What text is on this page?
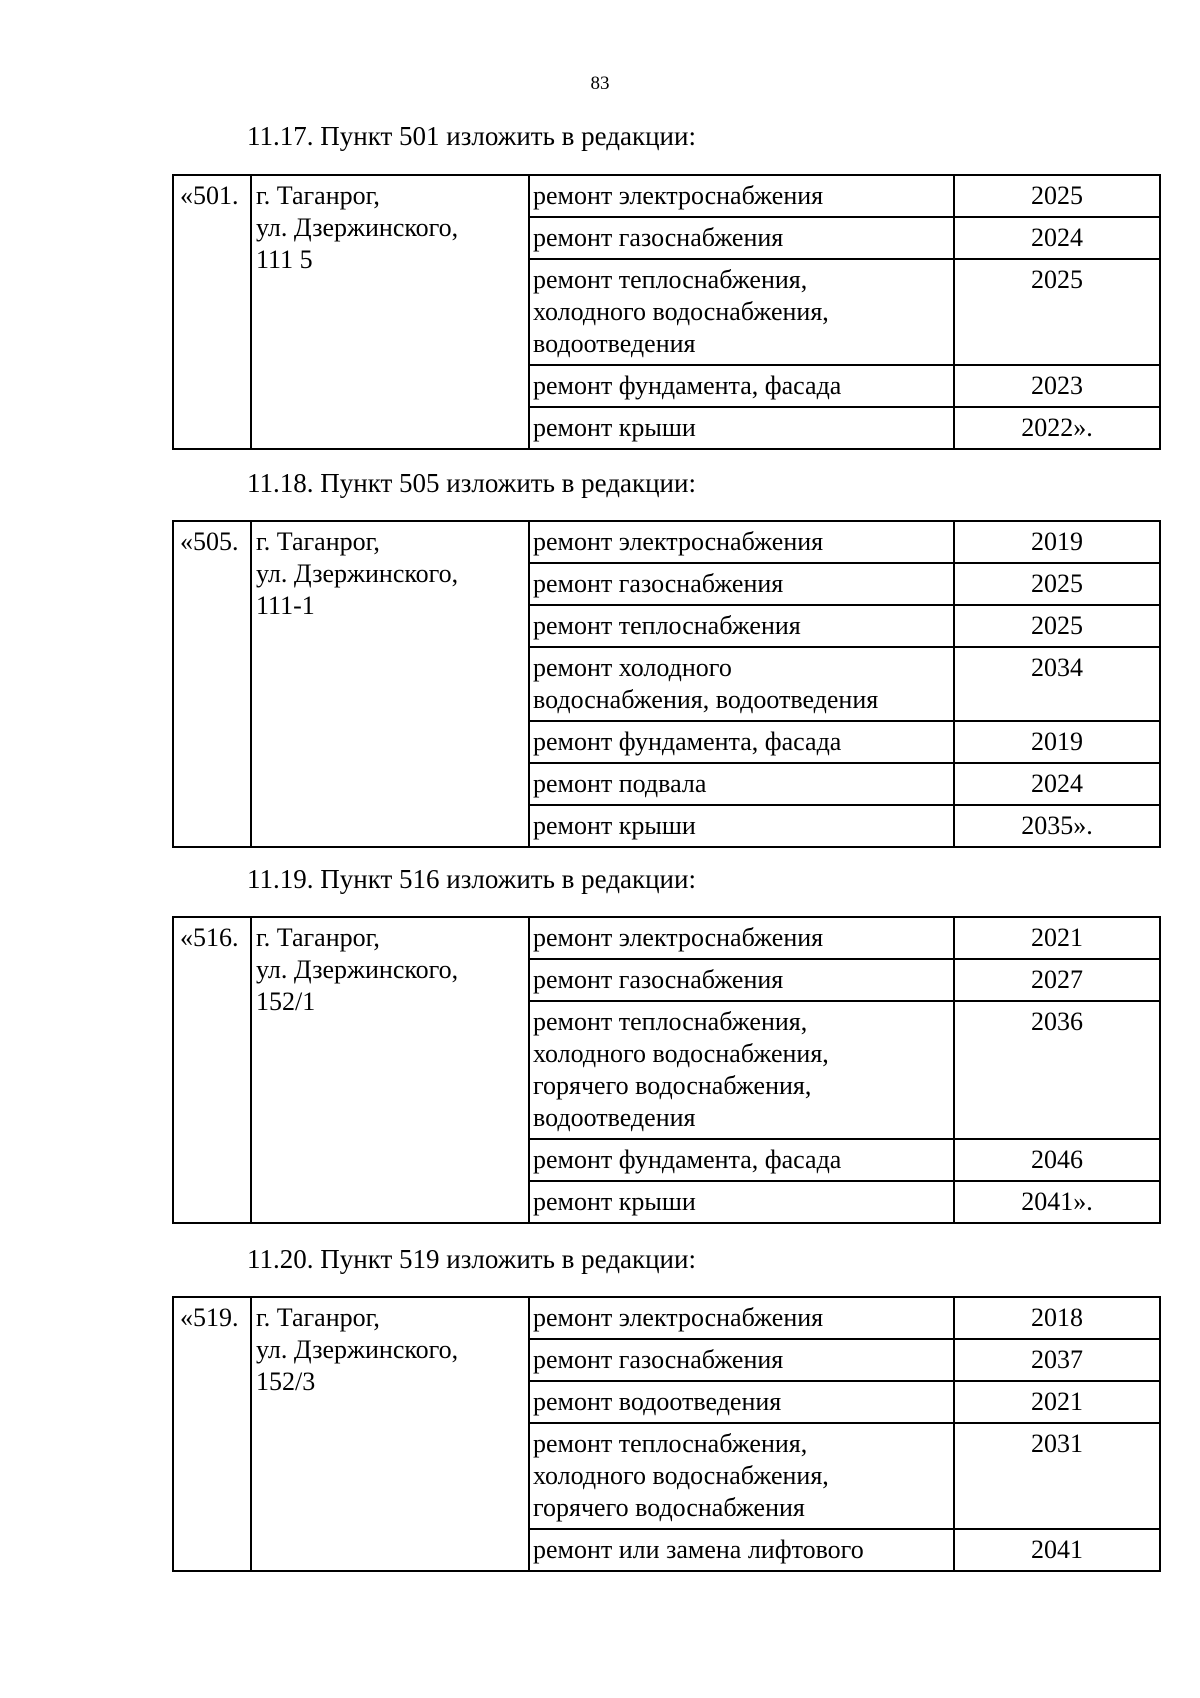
83
11.17. Пункт 501 изложить в редакции:
«501.	г. Таганрог,
ул. Дзержинского,
111 5	ремонт электроснабжения	2025

		ремонт газоснабжения	2024

		ремонт теплоснабжения,
холодного водоснабжения,
водоотведения	2025

		ремонт фундамента, фасада	2023

		ремонт крыши	2022».
11.18. Пункт 505 изложить в редакции:
«505.	г. Таганрог,
ул. Дзержинского,
111-1	ремонт электроснабжения	2019

		ремонт газоснабжения	2025

		ремонт теплоснабжения	2025

		ремонт холодного
водоснабжения, водоотведения	2034

		ремонт фундамента, фасада	2019

		ремонт подвала	2024

		ремонт крыши	2035».
11.19. Пункт 516 изложить в редакции:
«516.	г. Таганрог,
ул. Дзержинского,
152/1	ремонт электроснабжения	2021

		ремонт газоснабжения	2027

		ремонт теплоснабжения,
холодного водоснабжения,
горячего водоснабжения,
водоотведения	2036

		ремонт фундамента, фасада	2046

		ремонт крыши	2041».
11.20. Пункт 519 изложить в редакции:
«519.	г. Таганрог,
ул. Дзержинского,
152/3	ремонт электроснабжения	2018

		ремонт газоснабжения	2037

		ремонт водоотведения	2021

		ремонт теплоснабжения,
холодного водоснабжения,
горячего водоснабжения	2031

		ремонт или замена лифтового	2041
